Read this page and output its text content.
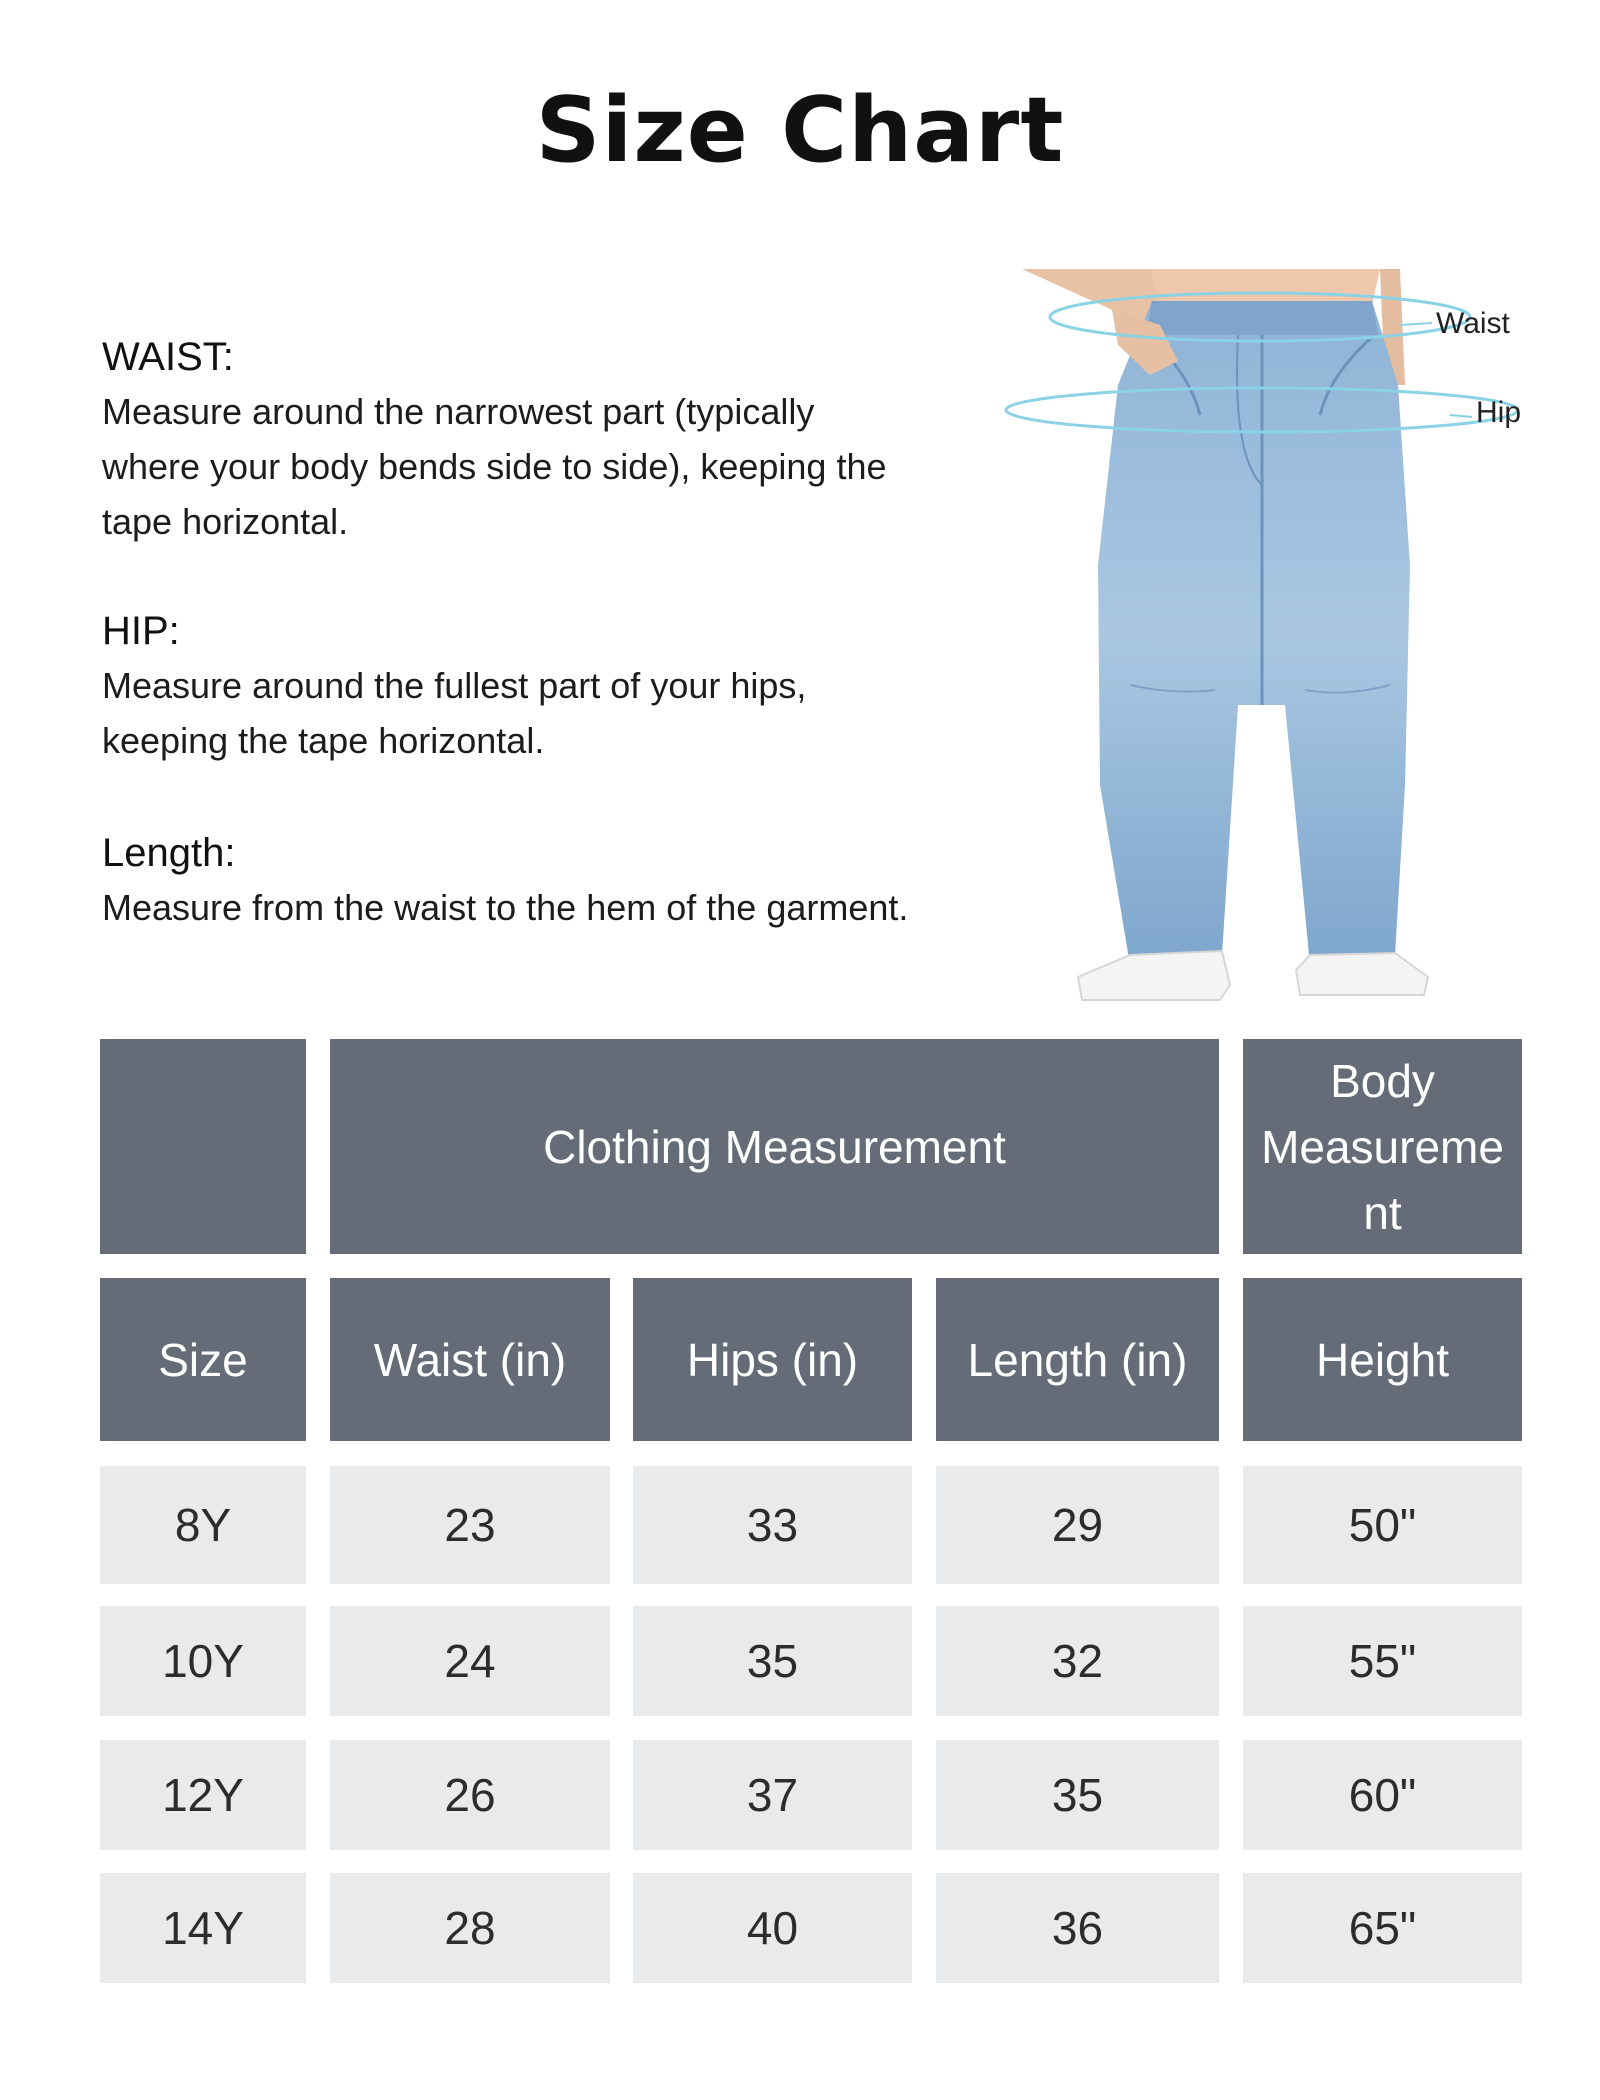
Size Chart
WAIST:

Measure around the narrowest part (typically

where your body bends side to side), keeping the

tape horizontal.

HIP:

Measure around the fullest part of your hips,

keeping the tape horizontal.

Length:

Measure from the waist to the hem of the garment.

Waist
Hip
Clothing Measurement
Body
Measureme
nt
Size	Waist (in)	Hips (in)	Length (in)	Height
8Y	23	33	29	50"
10Y	24	35	32	55"
12Y	26	37	35	60"
14Y	28	40	36	65"
